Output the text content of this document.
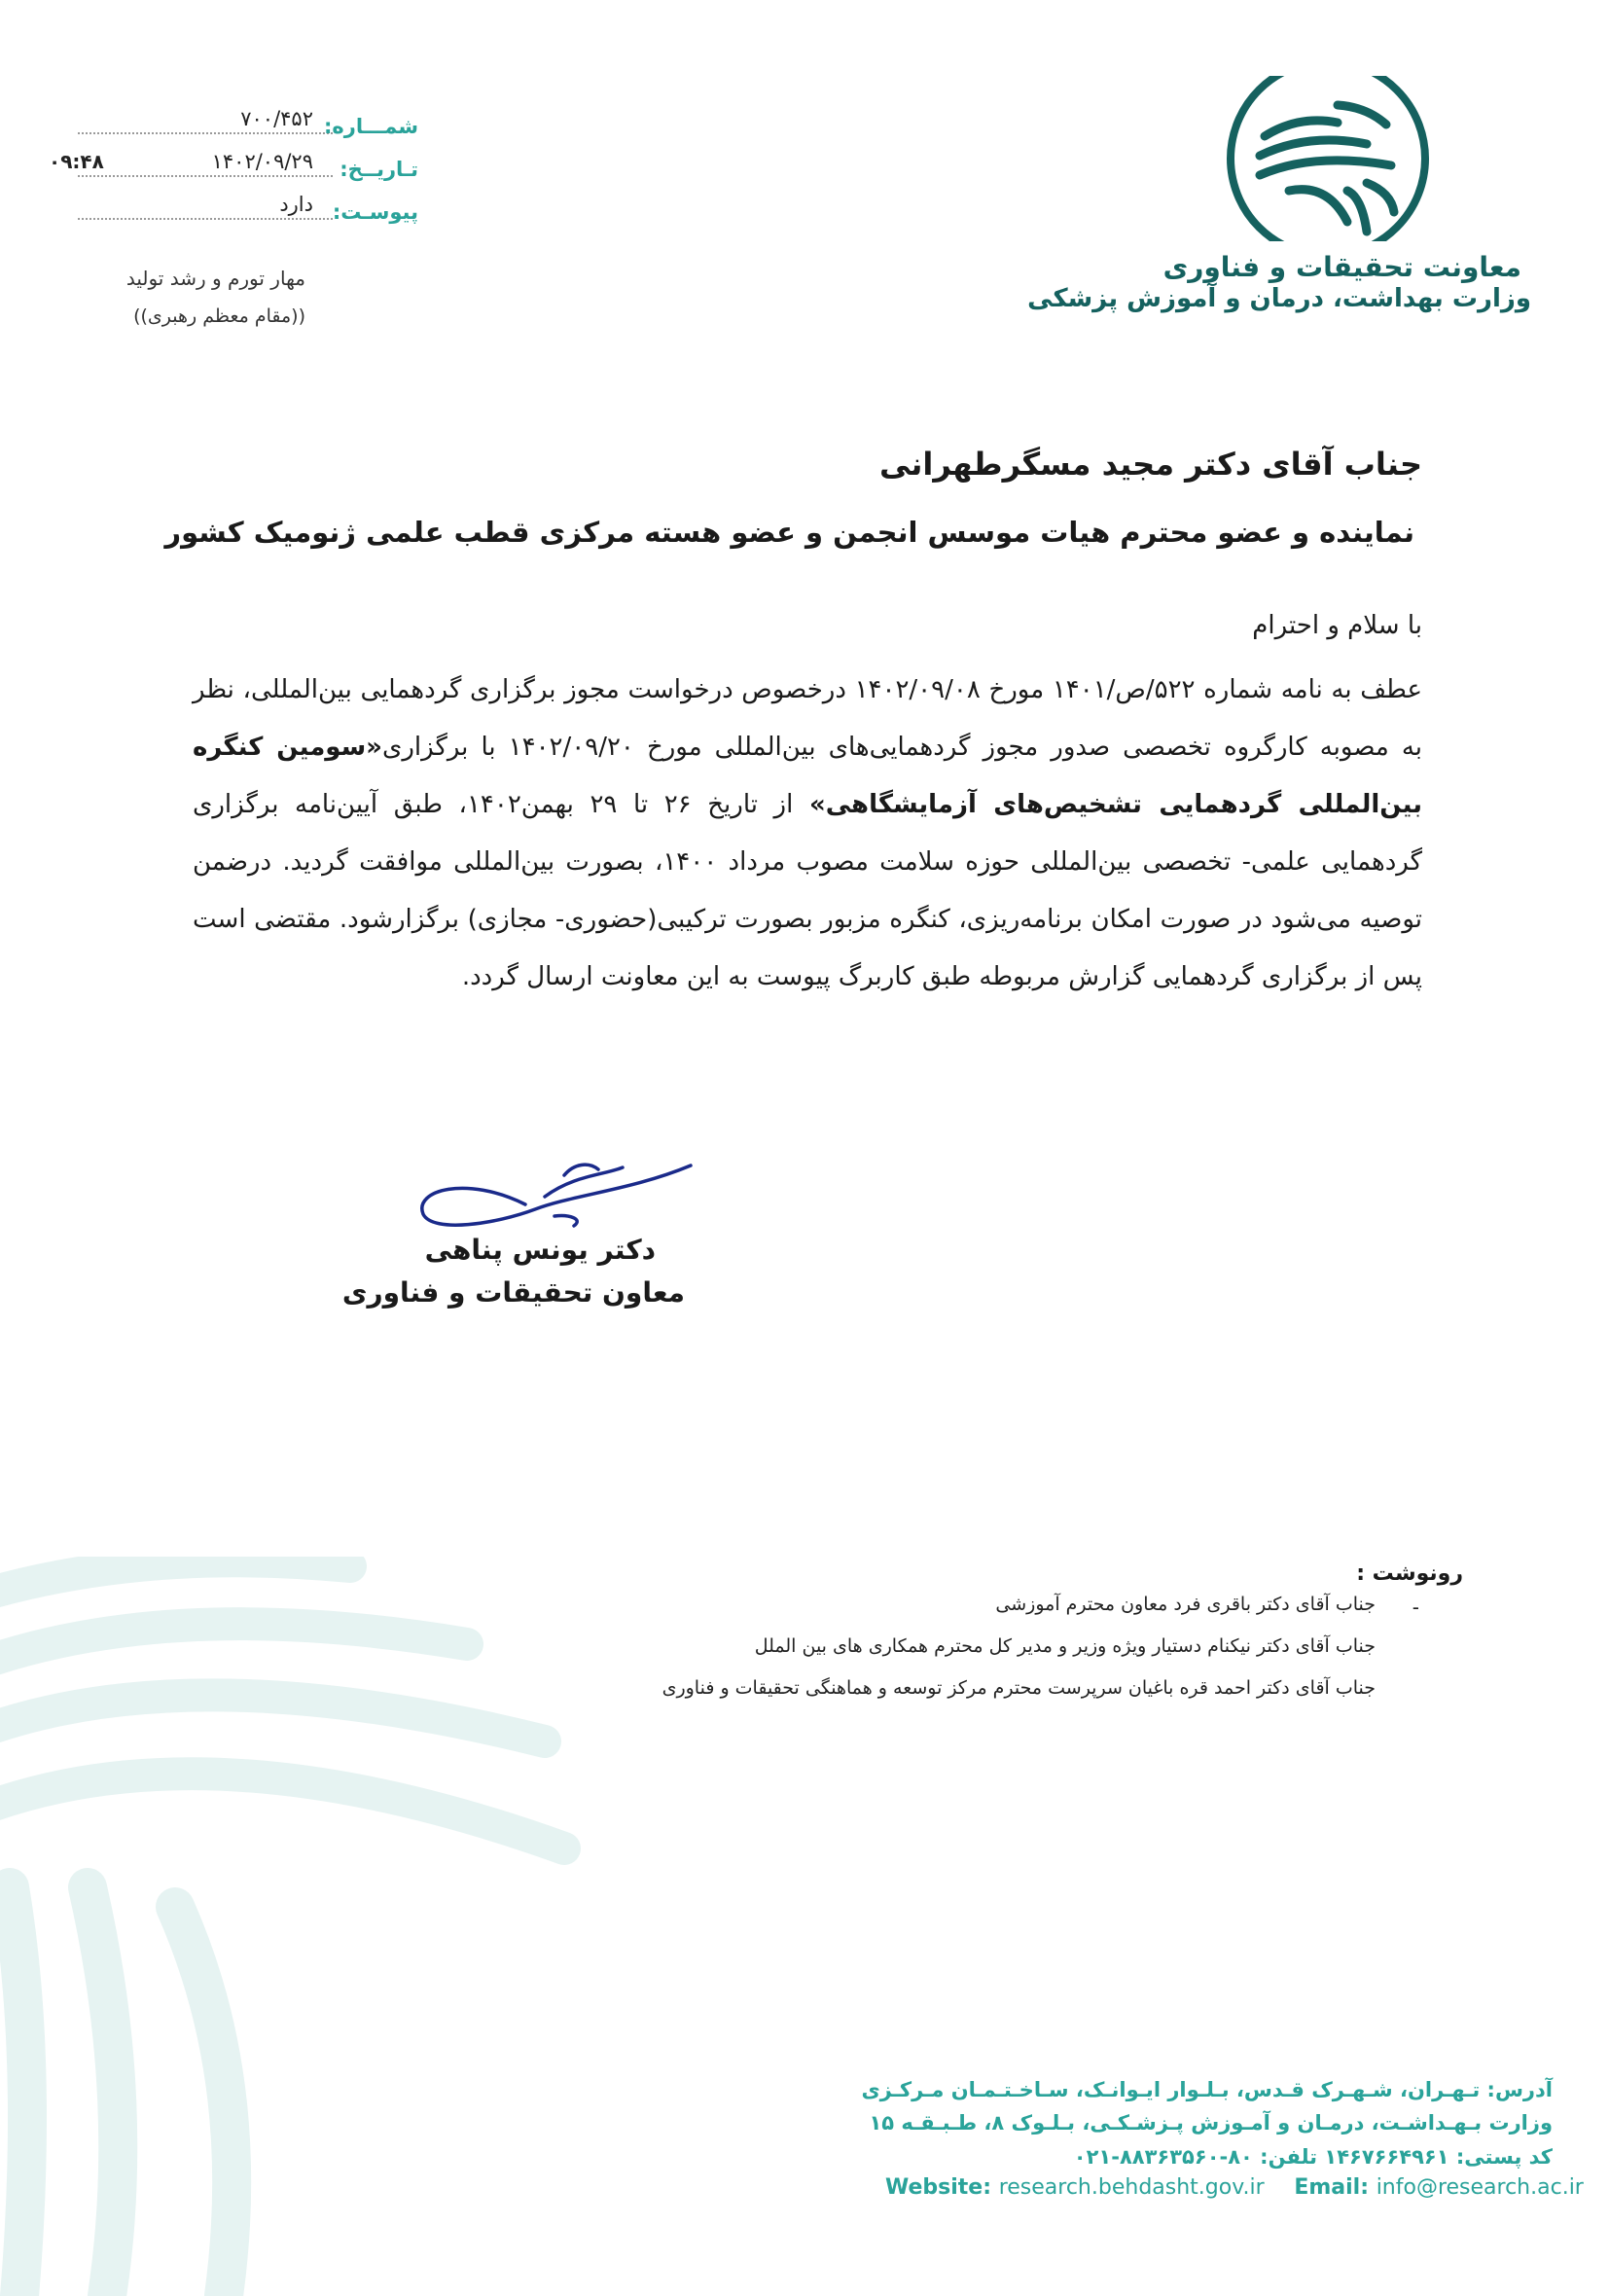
۷۰۰/۴۵۲ شمـــاره:
۰۹:۴۸	۱۴۰۲/۰۹/۲۹ تـاریــخ:
دارد پیوسـت:
مهار تورم و رشد تولید
((مقام معظم رهبری))
معاونت تحقیقات و فناوری
وزارت بهداشت، درمان و آموزش پزشکی
جناب آقای دکتر مجید مسگرطهرانی
نماینده و عضو محترم هیات موسس انجمن و عضو هسته مرکزی قطب علمی ژنومیک کشور
با سلام و احترام
عطف به نامه شماره ۵۲۲/ص/۱۴۰۱ مورخ ۱۴۰۲/۰۹/۰۸ درخصوص درخواست مجوز برگزاری گردهمایی بین‌المللی، نظر به مصوبه کارگروه تخصصی صدور مجوز گردهمایی‌های بین‌المللی مورخ ۱۴۰۲/۰۹/۲۰ با برگزاری«سومین کنگره بین‌المللی گردهمایی تشخیص‌های آزمایشگاهی» از تاریخ ۲۶ تا ۲۹ بهمن۱۴۰۲، طبق آیین‌نامه برگزاری گردهمایی علمی- تخصصی بین‌المللی حوزه سلامت مصوب مرداد ۱۴۰۰، بصورت بین‌المللی موافقت گردید. درضمن توصیه می‌شود در صورت امکان برنامه‌ریزی، کنگره مزبور بصورت ترکیبی(حضوری- مجازی) برگزارشود. مقتضی است پس از برگزاری گردهمایی گزارش مربوطه طبق کاربرگ پیوست به این معاونت ارسال گردد.
دکتر یونس پناهی
معاون تحقیقات و فناوری
رونوشت :
-
جناب آقای دکتر باقری فرد معاون محترم آموزشی
جناب آقای دکتر نیکنام دستیار ویژه وزیر و مدیر کل محترم همکاری های بین الملل
جناب آقای دکتر احمد قره باغیان سرپرست محترم مرکز توسعه و هماهنگی تحقیقات و فناوری
آدرس: تـهـران، شـهـرک قـدس، بـلـوار ایـوانـک، سـاخـتـمـان مـرکـزی
وزارت بـهـداشـت، درمـان و آمـوزش پـزشـکـی، بـلـوک ۸، طـبـقـه ۱۵
کد پستی: ۱۴۶۷۶۶۴۹۶۱ تلفن: ۸۰-۸۸۳۶۳۵۶۰-۰۲۱
Website: research.behdasht.gov.ir Email: info@research.ac.ir
